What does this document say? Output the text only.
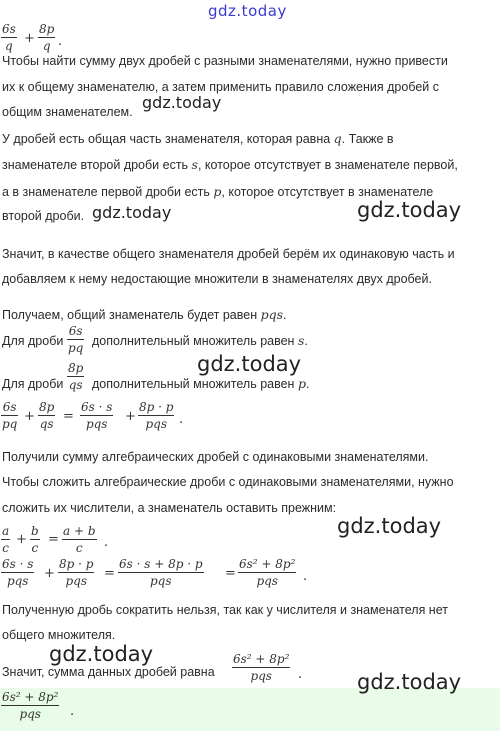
gdz.today
6s
q +
8p
q .
Чтобы найти сумму двух дробей с разными знаменателями, нужно привести
их к общему знаменателю, а затем применить правило сложения дробей с
общим знаменателем. gdz.today
У дробей есть общая часть знаменателя, которая равна q. Также в
знаменателе второй дроби есть s, которое отсутствует в знаменателе первой,
а в знаменателе первой дроби есть p, которое отсутствует в знаменателе
второй дроби. gdz.today	gdz.today
Значит, в качестве общего знаменателя дробей берём их одинаковую часть и
добавляем к нему недостающие множители в знаменателях двух дробей.
Получаем, общий знаменатель будет равен pqs.
Для дроби
6s
pq дополнительный множитель равен s.
gdz.today
Для дроби
8p
qs дополнительный множитель равен p.
6s
pq +
8p
qs =
6s · s
pqs	+
8p · p
pqs .
Получили сумму алгебраических дробей с одинаковыми знаменателями.
Чтобы сложить алгебраические дроби с одинаковыми знаменателями, нужно
сложить их числители, а знаменатель оставить прежним:
gdz.today
a
c
+
b
c
=
a + b
c	.
6s · s
pqs	+
8p · p
pqs	=
6s · s + 8p · p
pqs	=
6s² + 8p²
pqs	.
Полученную дробь сократить нельзя, так как у числителя и знаменателя нет
общего множителя.
gdz.today
Значит, сумма данных дробей равна
6s² + 8p²
pqs	.	gdz.today
6s² + 8p²
pqs	.
